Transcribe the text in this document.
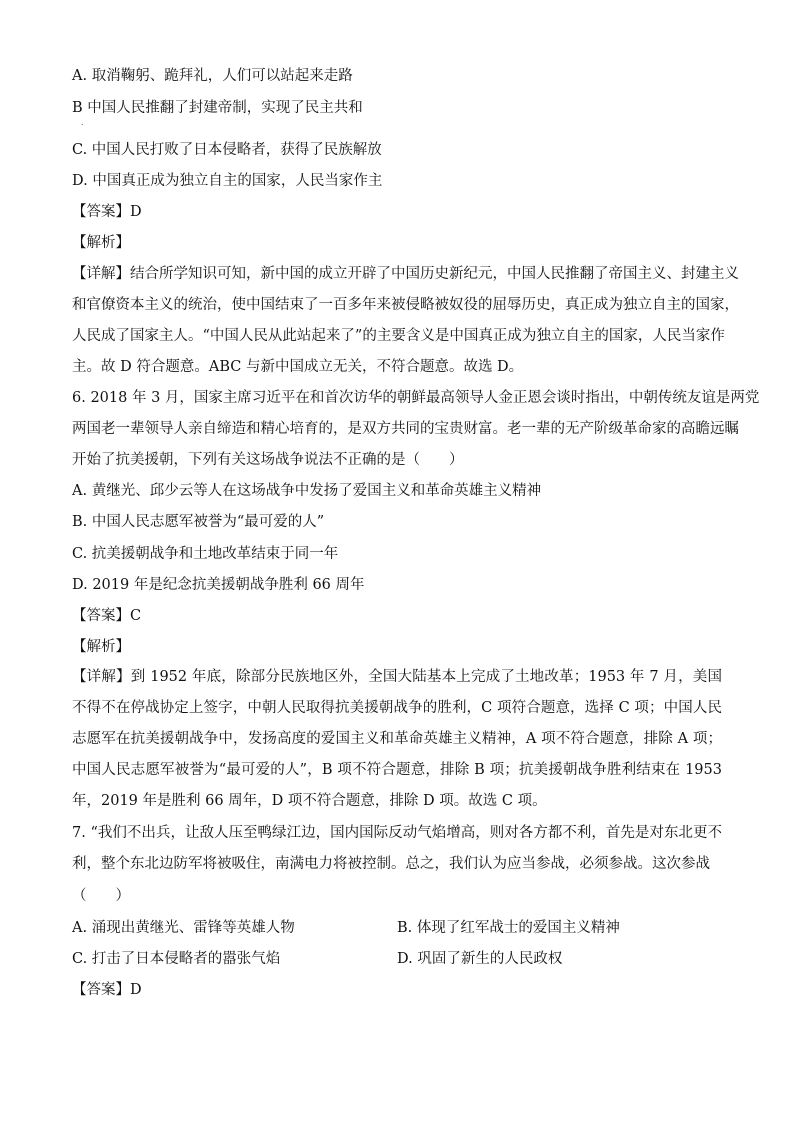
A. 取消鞠躬、跪拜礼，人们可以站起来走路
B 中国人民推翻了封建帝制，实现了民主共和
.
C. 中国人民打败了日本侵略者，获得了民族解放
D. 中国真正成为独立自主的国家，人民当家作主
【答案】D
【解析】
【详解】结合所学知识可知，新中国的成立开辟了中国历史新纪元，中国人民推翻了帝国主义、封建主义
和官僚资本主义的统治，使中国结束了一百多年来被侵略被奴役的屈辱历史，真正成为独立自主的国家，
人民成了国家主人。“中国人民从此站起来了”的主要含义是中国真正成为独立自主的国家，人民当家作
主。故 D 符合题意。ABC 与新中国成立无关，不符合题意。故选 D。
6. 2018 年 3 月，国家主席习近平在和首次访华的朝鲜最高领导人金正恩会谈时指出，中朝传统友谊是两党
两国老一辈领导人亲自缔造和精心培育的，是双方共同的宝贵财富。老一辈的无产阶级革命家的高瞻远瞩
开始了抗美援朝，下列有关这场战争说法不正确的是（　　）
A. 黄继光、邱少云等人在这场战争中发扬了爱国主义和革命英雄主义精神
B. 中国人民志愿军被誉为“最可爱的人”
C. 抗美援朝战争和土地改革结束于同一年
D. 2019 年是纪念抗美援朝战争胜利 66 周年
【答案】C
【解析】
【详解】到 1952 年底，除部分民族地区外，全国大陆基本上完成了土地改革；1953 年 7 月，美国不得不在停战协定上签字，中朝人民取得抗美援朝战争的胜利，C 项符合题意，选择 C 项；中国人民志愿军在抗美援朝战争中，发扬高度的爱国主义和革命英雄主义精神，A 项不符合题意，排除 A 项；中国人民志愿军被誉为“最可爱的人”，B 项不符合题意，排除 B 项；抗美援朝战争胜利结束在 1953 年，2019 年是胜利 66 周年，D 项不符合题意，排除 D 项。故选 C 项。
7. “我们不出兵，让敌人压至鸭绿江边，国内国际反动气焰增高，则对各方都不利，首先是对东北更不利，整个东北边防军将被吸住，南满电力将被控制。总之，我们认为应当参战，必须参战。这次参战
（　　）
A. 涌现出黄继光、雷锋等英雄人物	B. 体现了红军战士的爱国主义精神
C. 打击了日本侵略者的嚣张气焰	D. 巩固了新生的人民政权
【答案】D
